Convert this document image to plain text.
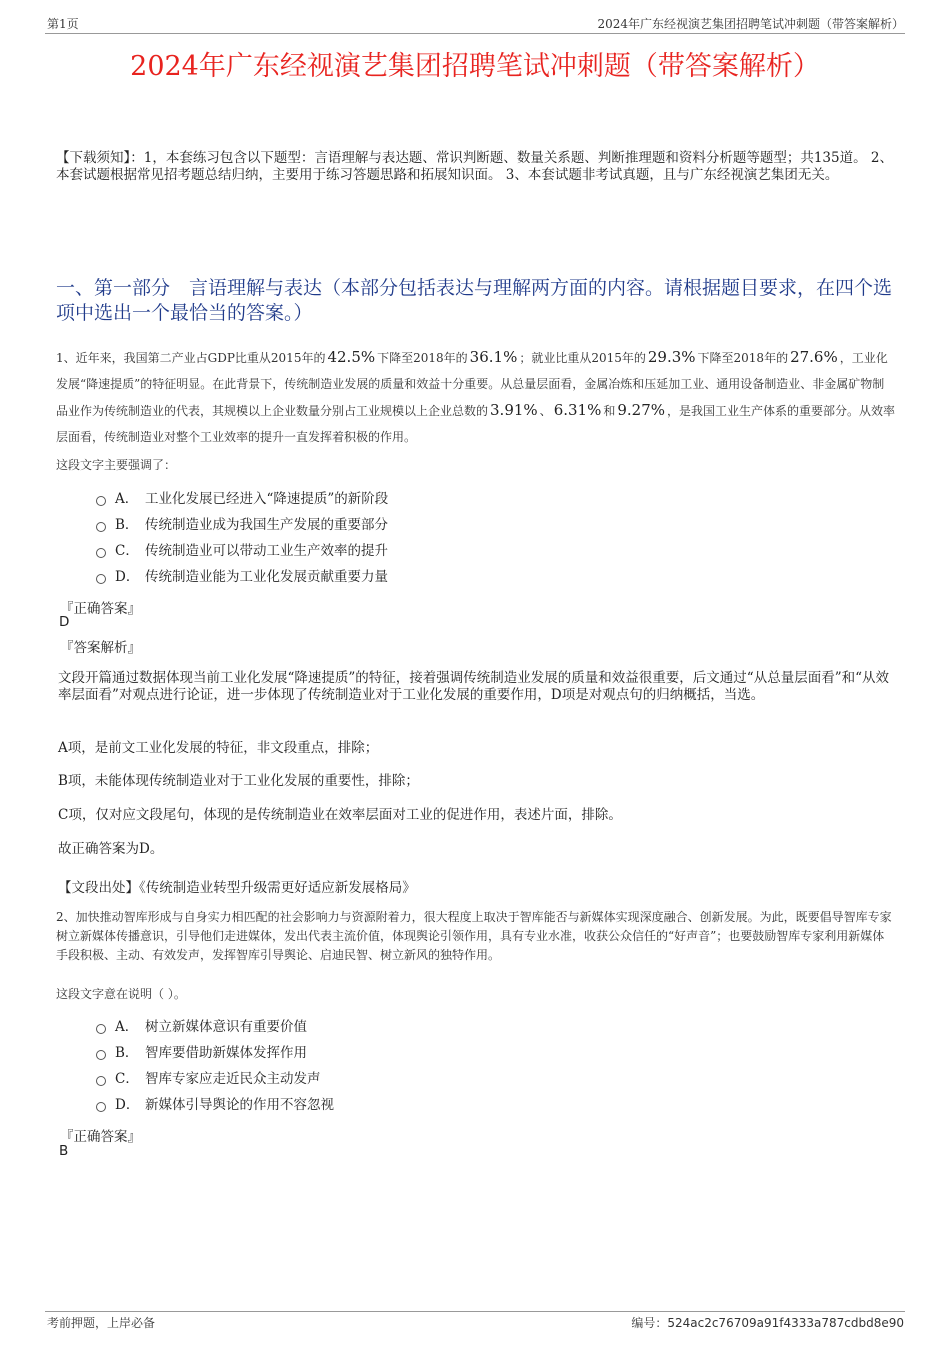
第1页	2024年广东经视演艺集团招聘笔试冲刺题（带答案解析）
2024年广东经视演艺集团招聘笔试冲刺题（带答案解析）
【下载须知】：1，本套练习包含以下题型：言语理解与表达题、常识判断题、数量关系题、判断推理题和资料分析题等题型；共135道。 2、本套试题根据常见招考题总结归纳，主要用于练习答题思路和拓展知识面。 3、本套试题非考试真题，且与广东经视演艺集团无关。
一、第一部分　言语理解与表达（本部分包括表达与理解两方面的内容。请根据题目要求，在四个选项中选出一个最恰当的答案。）
1、近年来，我国第二产业占GDP比重从2015年的 42.5% 下降至2018年的 36.1% ；就业比重从2015年的 29.3% 下降至2018年的 27.6% ，工业化发展“降速提质”的特征明显。在此背景下，传统制造业发展的质量和效益十分重要。从总量层面看，金属冶炼和压延加工业、通用设备制造业、非金属矿物制品业作为传统制造业的代表，其规模以上企业数量分别占工业规模以上企业总数的 3.91% 、 6.31% 和 9.27% ，是我国工业生产体系的重要部分。从效率层面看，传统制造业对整个工业效率的提升一直发挥着积极的作用。
这段文字主要强调了：
A． 工业化发展已经进入“降速提质”的新阶段
B． 传统制造业成为我国生产发展的重要部分
C． 传统制造业可以带动工业生产效率的提升
D． 传统制造业能为工业化发展贡献重要力量
『正确答案』
D
『答案解析』
文段开篇通过数据体现当前工业化发展“降速提质”的特征，接着强调传统制造业发展的质量和效益很重要，后文通过“从总量层面看”和“从效率层面看”对观点进行论证，进一步体现了传统制造业对于工业化发展的重要作用，D项是对观点句的归纳概括，当选。
A项，是前文工业化发展的特征，非文段重点，排除；
B项，未能体现传统制造业对于工业化发展的重要性，排除；
C项，仅对应文段尾句，体现的是传统制造业在效率层面对工业的促进作用，表述片面，排除。
故正确答案为D。
【文段出处】《传统制造业转型升级需更好适应新发展格局》
2、加快推动智库形成与自身实力相匹配的社会影响力与资源附着力，很大程度上取决于智库能否与新媒体实现深度融合、创新发展。为此，既要倡导智库专家树立新媒体传播意识，引导他们走进媒体，发出代表主流价值，体现舆论引领作用，具有专业水准，收获公众信任的“好声音”；也要鼓励智库专家利用新媒体手段积极、主动、有效发声，发挥智库引导舆论、启迪民智、树立新风的独特作用。
这段文字意在说明（ ）。
A． 树立新媒体意识有重要价值
B． 智库要借助新媒体发挥作用
C． 智库专家应走近民众主动发声
D． 新媒体引导舆论的作用不容忽视
『正确答案』
B
考前押题，上岸必备	编号：524ac2c76709a91f4333a787cdbd8e90
